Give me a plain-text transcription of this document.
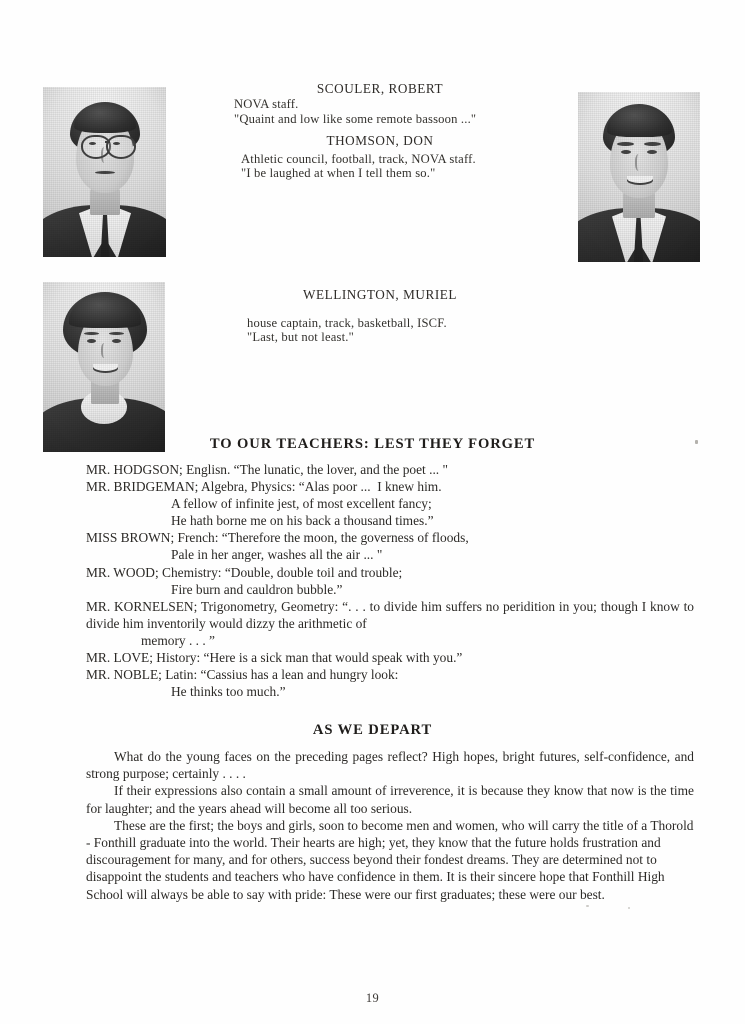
SCOULER, ROBERT
NOVA staff.
"Quaint and low like some remote bassoon ..."
THOMSON, DON
Athletic council, football, track, NOVA staff.
"I be laughed at when I tell them so."
WELLINGTON, MURIEL
house captain, track, basketball, ISCF.
"Last, but not least."
TO OUR TEACHERS: LEST THEY FORGET
MR. HODGSON; Englisn. “The lunatic, the lover, and the poet ... "
MR. BRIDGEMAN; Algebra, Physics: “Alas poor ...  I knew him.
A fellow of infinite jest, of most excellent fancy;
He hath borne me on his back a thousand times.”
MISS BROWN; French: “Therefore the moon, the governess of floods,
Pale in her anger, washes all the air ... "
MR. WOOD; Chemistry: “Double, double toil and trouble;
Fire burn and cauldron bubble.”
MR. KORNELSEN; Trigonometry, Geometry: “. . . to divide him suffers no peridition in you; though I know to divide him inventorily would dizzy the arithmetic of
memory . . . ”
MR. LOVE; History: “Here is a sick man that would speak with you.”
MR. NOBLE; Latin: “Cassius has a lean and hungry look:
He thinks too much.”
AS WE DEPART

What do the young faces on the preceding pages reflect? High hopes, bright futures, self-confidence, and strong purpose; certainly . . . .

If their expressions also contain a small amount of irreverence, it is because they know that now is the time for laughter; and the years ahead will become all too serious.

These are the first; the boys and girls, soon to become men and women, who will carry the title of a Thorold - Fonthill graduate into the world. Their hearts are high; yet, they know that the future holds frustration and discouragement for many, and for others, success beyond their fondest dreams. They are determined not to disappoint the students and teachers who have confidence in them. It is their sincere hope that Fonthill High School will always be able to say with pride: These were our first graduates; these were our best.

19
